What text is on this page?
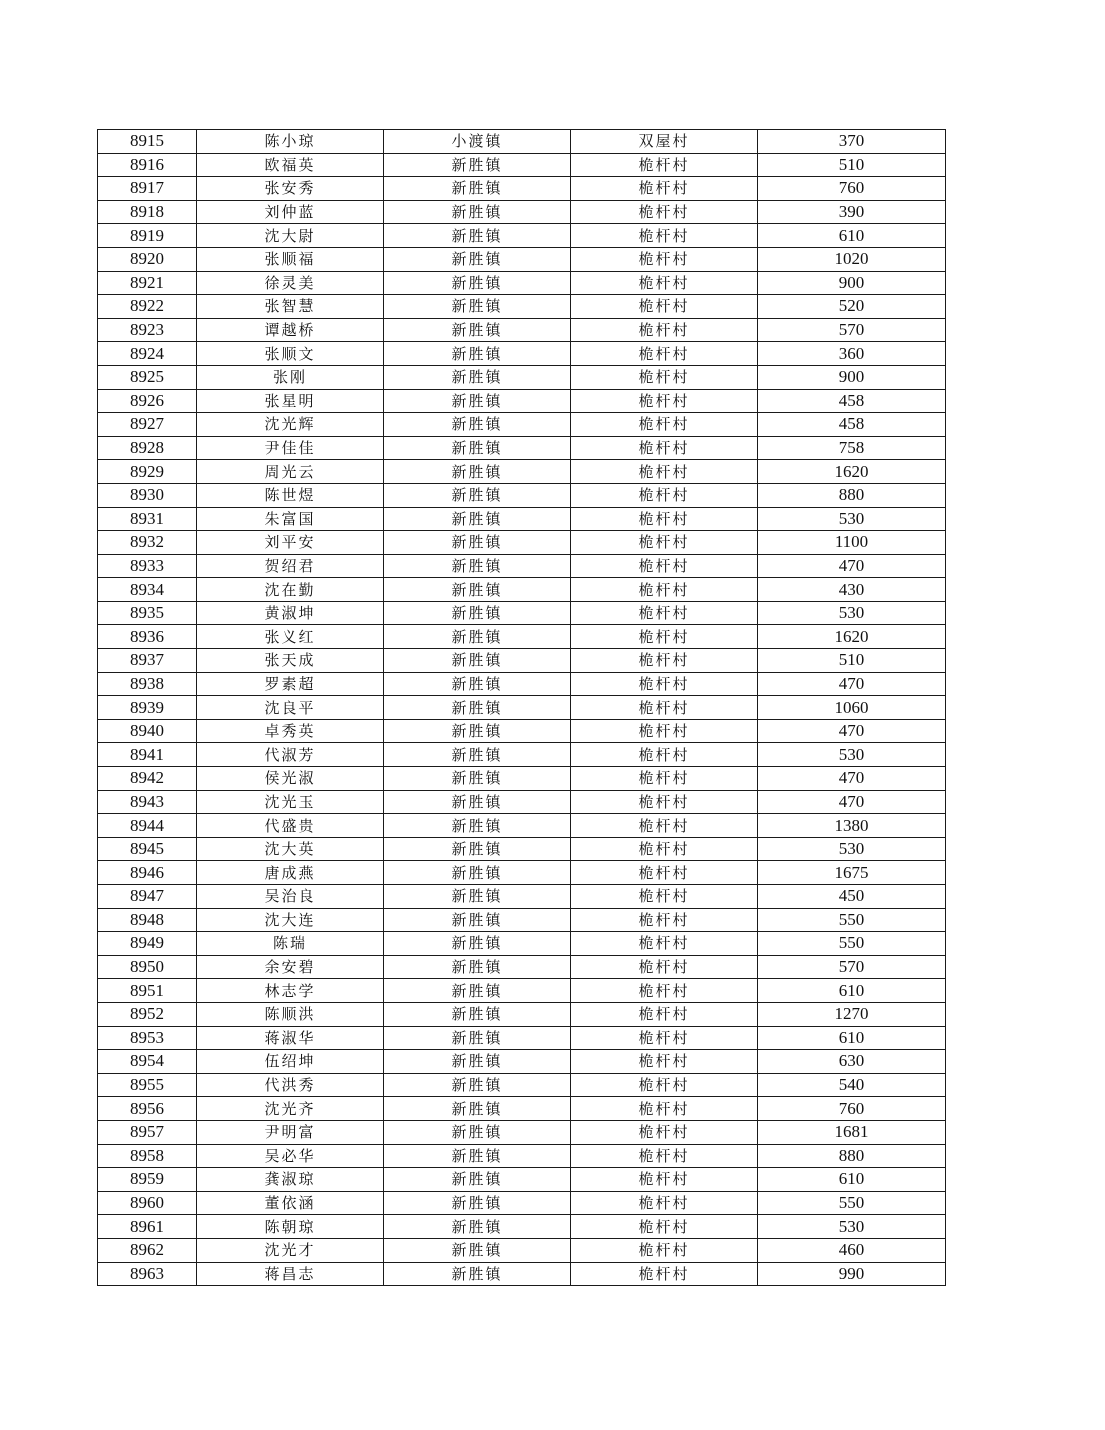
8915	陈小琼	小渡镇	双屋村	370
8916	欧福英	新胜镇	桅杆村	510
8917	张安秀	新胜镇	桅杆村	760
8918	刘仲蓝	新胜镇	桅杆村	390
8919	沈大尉	新胜镇	桅杆村	610
8920	张顺福	新胜镇	桅杆村	1020
8921	徐灵美	新胜镇	桅杆村	900
8922	张智慧	新胜镇	桅杆村	520
8923	谭越桥	新胜镇	桅杆村	570
8924	张顺文	新胜镇	桅杆村	360
8925	张刚	新胜镇	桅杆村	900
8926	张星明	新胜镇	桅杆村	458
8927	沈光辉	新胜镇	桅杆村	458
8928	尹佳佳	新胜镇	桅杆村	758
8929	周光云	新胜镇	桅杆村	1620
8930	陈世煜	新胜镇	桅杆村	880
8931	朱富国	新胜镇	桅杆村	530
8932	刘平安	新胜镇	桅杆村	1100
8933	贺绍君	新胜镇	桅杆村	470
8934	沈在勤	新胜镇	桅杆村	430
8935	黄淑坤	新胜镇	桅杆村	530
8936	张义红	新胜镇	桅杆村	1620
8937	张天成	新胜镇	桅杆村	510
8938	罗素超	新胜镇	桅杆村	470
8939	沈良平	新胜镇	桅杆村	1060
8940	卓秀英	新胜镇	桅杆村	470
8941	代淑芳	新胜镇	桅杆村	530
8942	侯光淑	新胜镇	桅杆村	470
8943	沈光玉	新胜镇	桅杆村	470
8944	代盛贵	新胜镇	桅杆村	1380
8945	沈大英	新胜镇	桅杆村	530
8946	唐成燕	新胜镇	桅杆村	1675
8947	吴治良	新胜镇	桅杆村	450
8948	沈大连	新胜镇	桅杆村	550
8949	陈瑞	新胜镇	桅杆村	550
8950	余安碧	新胜镇	桅杆村	570
8951	林志学	新胜镇	桅杆村	610
8952	陈顺洪	新胜镇	桅杆村	1270
8953	蒋淑华	新胜镇	桅杆村	610
8954	伍绍坤	新胜镇	桅杆村	630
8955	代洪秀	新胜镇	桅杆村	540
8956	沈光齐	新胜镇	桅杆村	760
8957	尹明富	新胜镇	桅杆村	1681
8958	吴必华	新胜镇	桅杆村	880
8959	龚淑琼	新胜镇	桅杆村	610
8960	董依涵	新胜镇	桅杆村	550
8961	陈朝琼	新胜镇	桅杆村	530
8962	沈光才	新胜镇	桅杆村	460
8963	蒋昌志	新胜镇	桅杆村	990
